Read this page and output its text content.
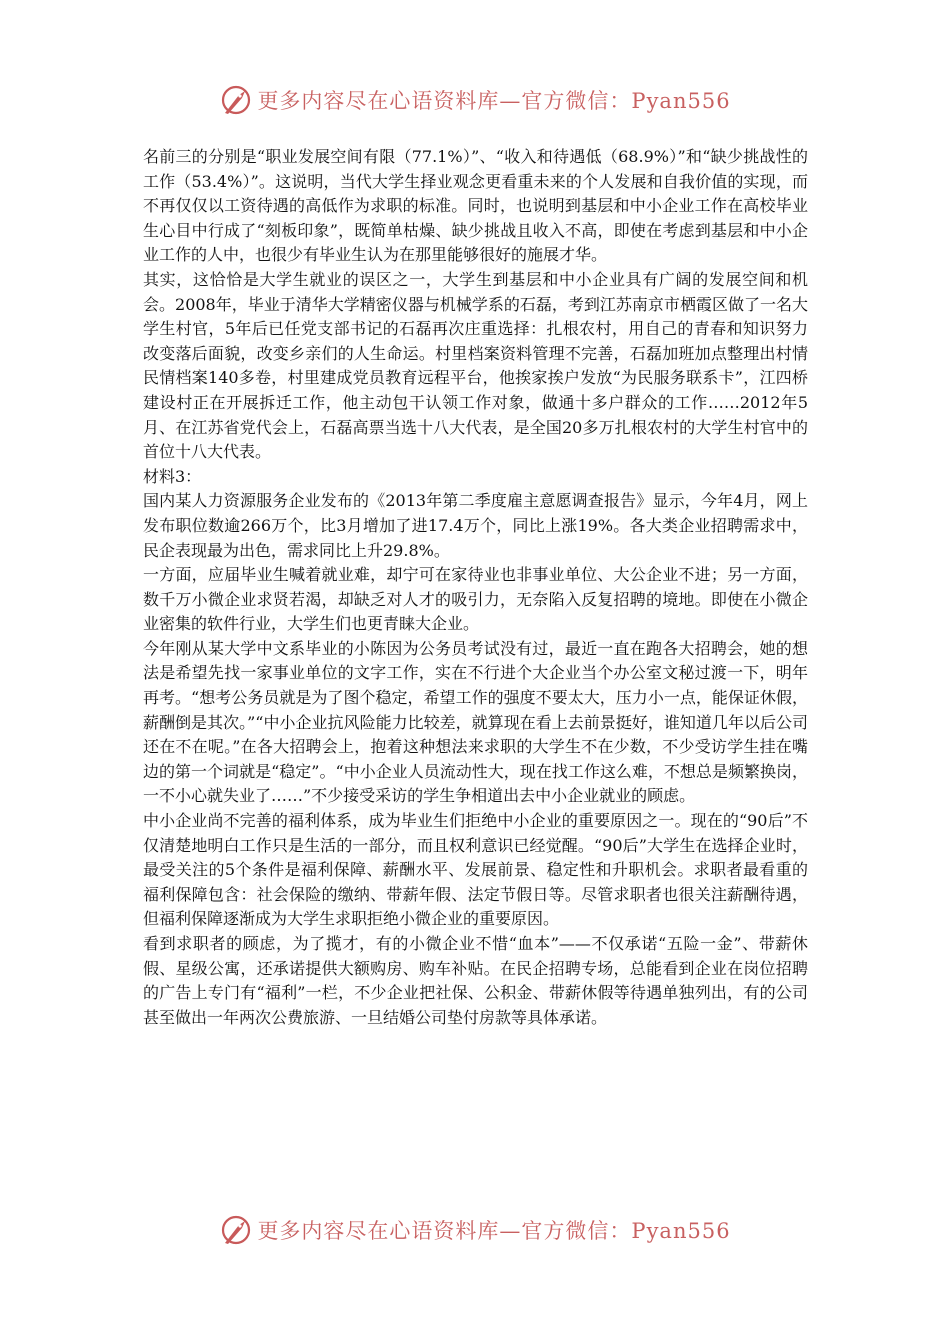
更多内容尽在心语资料库—官方微信：Pyan556

名前三的分别是“职业发展空间有限（77.1%）”、“收入和待遇低（68.9%）”和“缺少挑战性的工作（53.4%）”。这说明，当代大学生择业观念更看重未来的个人发展和自我价值的实现，而不再仅仅以工资待遇的高低作为求职的标准。同时，也说明到基层和中小企业工作在高校毕业生心目中行成了“刻板印象”，既简单枯燥、缺少挑战且收入不高，即使在考虑到基层和中小企业工作的人中，也很少有毕业生认为在那里能够很好的施展才华。

其实，这恰恰是大学生就业的误区之一，大学生到基层和中小企业具有广阔的发展空间和机会。2008年，毕业于清华大学精密仪器与机械学系的石磊，考到江苏南京市栖霞区做了一名大学生村官，5年后已任党支部书记的石磊再次庄重选择：扎根农村，用自己的青春和知识努力改变落后面貌，改变乡亲们的人生命运。村里档案资料管理不完善，石磊加班加点整理出村情民情档案140多卷，村里建成党员教育远程平台，他挨家挨户发放“为民服务联系卡”，江四桥建设村正在开展拆迁工作，他主动包干认领工作对象，做通十多户群众的工作……2012年5月、在江苏省党代会上，石磊高票当选十八大代表，是全国20多万扎根农村的大学生村官中的首位十八大代表。

材料3：

国内某人力资源服务企业发布的《2013年第二季度雇主意愿调查报告》显示，今年4月，网上发布职位数逾266万个，比3月增加了进17.4万个，同比上涨19%。各大类企业招聘需求中，民企表现最为出色，需求同比上升29.8%。

一方面，应届毕业生喊着就业难，却宁可在家待业也非事业单位、大公企业不进；另一方面，数千万小微企业求贤若渴，却缺乏对人才的吸引力，无奈陷入反复招聘的境地。即使在小微企业密集的软件行业，大学生们也更青睐大企业。

今年刚从某大学中文系毕业的小陈因为公务员考试没有过，最近一直在跑各大招聘会，她的想法是希望先找一家事业单位的文字工作，实在不行进个大企业当个办公室文秘过渡一下，明年再考。“想考公务员就是为了图个稳定，希望工作的强度不要太大，压力小一点，能保证休假，薪酬倒是其次。”“中小企业抗风险能力比较差，就算现在看上去前景挺好，谁知道几年以后公司还在不在呢。”在各大招聘会上，抱着这种想法来求职的大学生不在少数，不少受访学生挂在嘴边的第一个词就是“稳定”。“中小企业人员流动性大，现在找工作这么难，不想总是频繁换岗，一不小心就失业了……”不少接受采访的学生争相道出去中小企业就业的顾虑。

中小企业尚不完善的福利体系，成为毕业生们拒绝中小企业的重要原因之一。现在的“90后”不仅清楚地明白工作只是生活的一部分，而且权利意识已经觉醒。“90后”大学生在选择企业时，最受关注的5个条件是福利保障、薪酬水平、发展前景、稳定性和升职机会。求职者最看重的福利保障包含：社会保险的缴纳、带薪年假、法定节假日等。尽管求职者也很关注薪酬待遇，但福利保障逐渐成为大学生求职拒绝小微企业的重要原因。

看到求职者的顾虑，为了揽才，有的小微企业不惜“血本”——不仅承诺“五险一金”、带薪休假、星级公寓，还承诺提供大额购房、购车补贴。在民企招聘专场，总能看到企业在岗位招聘的广告上专门有“福利”一栏，不少企业把社保、公积金、带薪休假等待遇单独列出，有的公司甚至做出一年两次公费旅游、一旦结婚公司垫付房款等具体承诺。

更多内容尽在心语资料库—官方微信：Pyan556
